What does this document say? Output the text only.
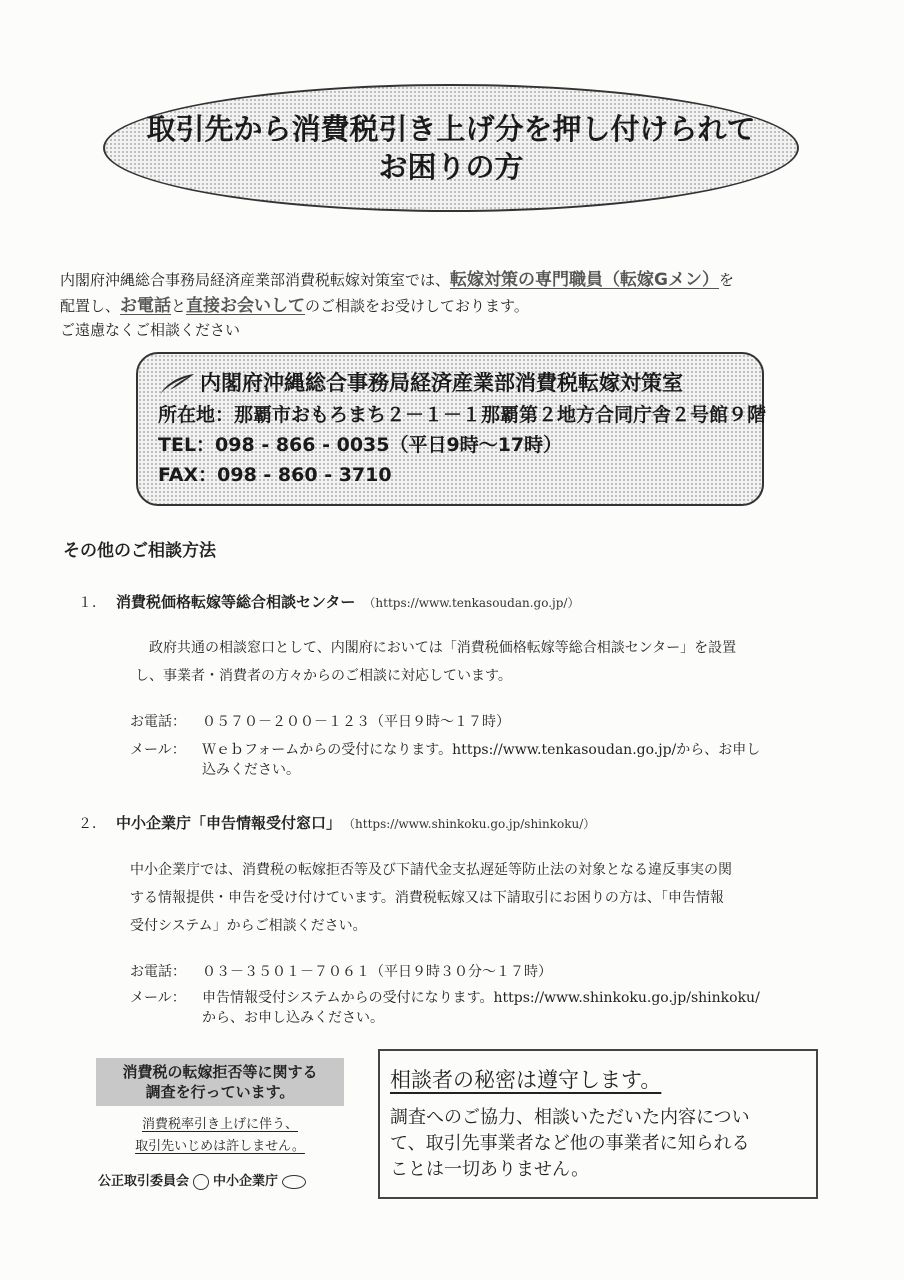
取引先から消費税引き上げ分を押し付けられて
お困りの方
内閣府沖縄総合事務局経済産業部消費税転嫁対策室では、転嫁対策の専門職員（転嫁Gメン）を
配置し、お電話と直接お会いしてのご相談をお受けしております。
ご遠慮なくご相談ください
内閣府沖縄総合事務局経済産業部消費税転嫁対策室
所在地：那覇市おもろまち２－１－１那覇第２地方合同庁舎２号館９階
TEL：098 - 866 - 0035（平日9時～17時）
FAX：098 - 860 - 3710
その他のご相談方法
１． 消費税価格転嫁等総合相談センター （https://www.tenkasoudan.go.jp/）
　政府共通の相談窓口として、内閣府においては「消費税価格転嫁等総合相談センター」を設置
し、事業者・消費者の方々からのご相談に対応しています。
お電話： ０５７０－２００－１２３（平日９時～１７時）
メール： Ｗｅｂフォームからの受付になります。https://www.tenkasoudan.go.jp/から、お申し
込みください。
２． 中小企業庁「申告情報受付窓口」 （https://www.shinkoku.go.jp/shinkoku/）
中小企業庁では、消費税の転嫁拒否等及び下請代金支払遅延等防止法の対象となる違反事実の関
する情報提供・申告を受け付けています。消費税転嫁又は下請取引にお困りの方は、「申告情報
受付システム」からご相談ください。
お電話： ０３－３５０１－７０６１（平日９時３０分～１７時）
メール： 申告情報受付システムからの受付になります。https://www.shinkoku.go.jp/shinkoku/
から、お申し込みください。
消費税の転嫁拒否等に関する
調査を行っています。
消費税率引き上げに伴う、
取引先いじめは許しません。
公正取引委員会 中小企業庁
相談者の秘密は遵守します。
調査へのご協力、相談いただいた内容につい
て、取引先事業者など他の事業者に知られる
ことは一切ありません。
